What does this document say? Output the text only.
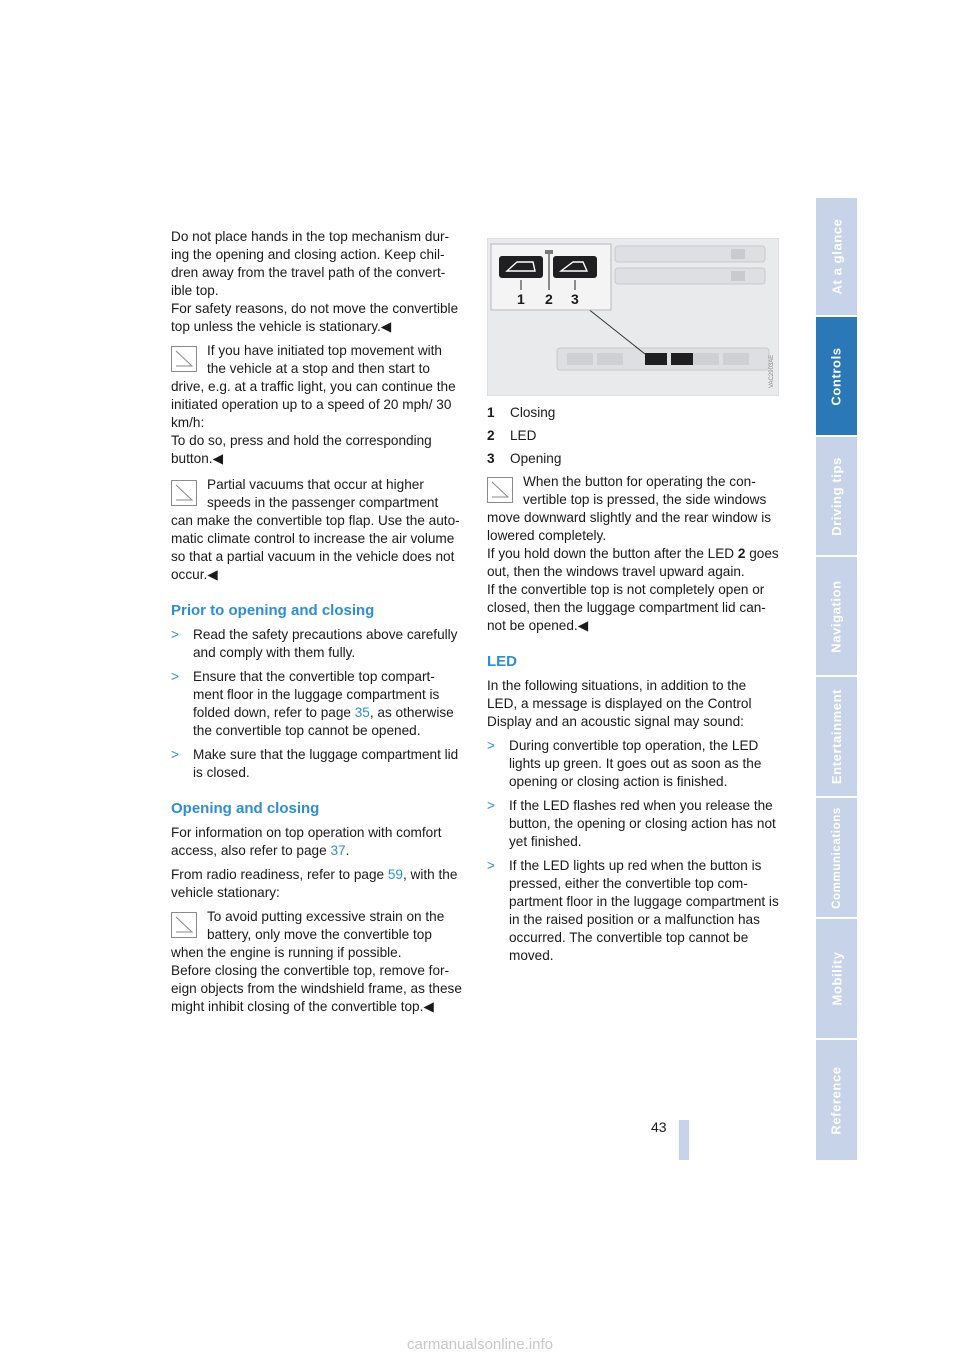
Do not place hands in the top mechanism dur-ing the opening and closing action. Keep chil-dren away from the travel path of the convert-ible top.

For safety reasons, do not move the convertible top unless the vehicle is stationary.◀

If you have initiated top movement with the vehicle at a stop and then start to
drive, e.g. at a traffic light, you can continue the initiated operation up to a speed of 20 mph/ 30 km/h:
To do so, press and hold the corresponding button.◀
Partial vacuums that occur at higher speeds in the passenger compartment
can make the convertible top flap. Use the auto-matic climate control to increase the air volume so that a partial vacuum in the vehicle does not occur.◀
Prior to opening and closing
> Read the safety precautions above carefully and comply with them fully.
> Ensure that the convertible top compart-ment floor in the luggage compartment is folded down, refer to page 35, as otherwise the convertible top cannot be opened.
> Make sure that the luggage compartment lid is closed.
Opening and closing

For information on top operation with comfort access, also refer to page 37.

From radio readiness, refer to page 59, with the vehicle stationary:

To avoid putting excessive strain on the battery, only move the convertible top
when the engine is running if possible.
Before closing the convertible top, remove for-eign objects from the windshield frame, as these might inhibit closing of the convertible top.◀
1 2 3
VAC2903AE
1 Closing
2 LED
3 Opening
When the button for operating the con-vertible top is pressed, the side windows
move downward slightly and the rear window is lowered completely.
If you hold down the button after the LED 2 goes out, then the windows travel upward again.
If the convertible top is not completely open or closed, then the luggage compartment lid can-not be opened.◀
LED

In the following situations, in addition to the LED, a message is displayed on the Control Display and an acoustic signal may sound:

> During convertible top operation, the LED lights up green. It goes out as soon as the opening or closing action is finished.
> If the LED flashes red when you release the button, the opening or closing action has not yet finished.
> If the LED lights up red when the button is pressed, either the convertible top com-partment floor in the luggage compartment is in the raised position or a malfunction has occurred. The convertible top cannot be moved.
At a glance
Controls
Driving tips
Navigation
Entertainment
Communications
Mobility
Reference
43
carmanualsonline.info
